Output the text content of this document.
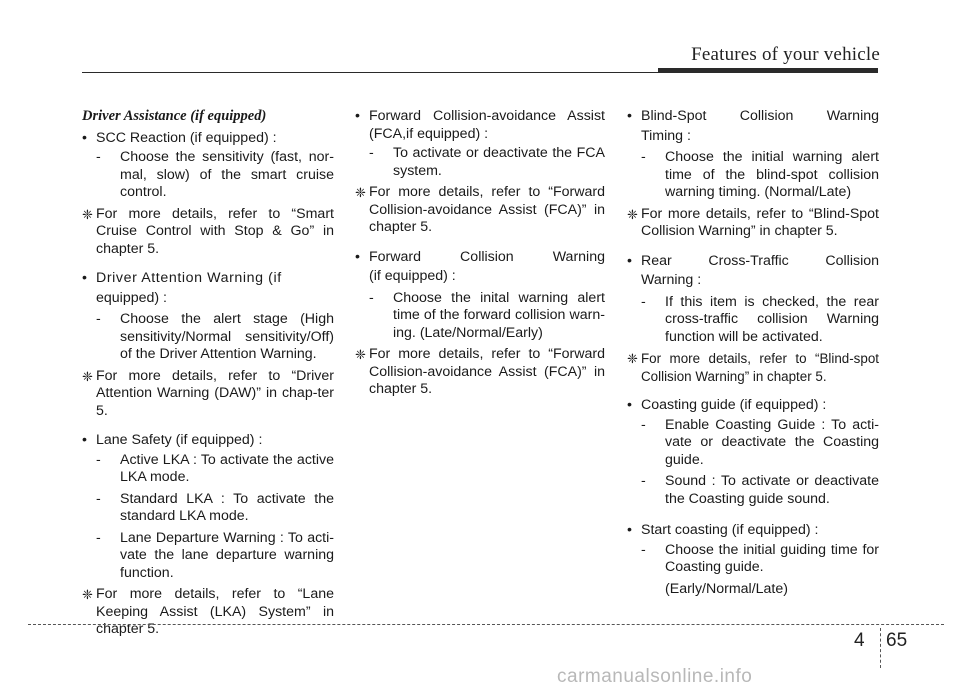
Features of your vehicle
Driver Assistance (if equipped)
• SCC Reaction (if equipped) :
- Choose the sensitivity (fast, nor-mal, slow) of the smart cruise control.
❈ For more details, refer to “Smart Cruise Control with Stop & Go” in chapter 5.
• Driver Attention Warning (if
equipped) :
- Choose the alert stage (High sensitivity/Normal sensitivity/Off) of the Driver Attention Warning.
❈ For more details, refer to “Driver Attention Warning (DAW)” in chap-ter 5.
• Lane Safety (if equipped) :
- Active LKA : To activate the active LKA mode.
- Standard LKA : To activate the standard LKA mode.
- Lane Departure Warning : To acti-vate the lane departure warning function.
❈ For more details, refer to “Lane Keeping Assist (LKA) System” in chapter 5.
• Forward Collision-avoidance Assist (FCA,if equipped) :
- To activate or deactivate the FCA system.
❈ For more details, refer to “Forward Collision-avoidance Assist (FCA)” in chapter 5.
• Forward Collision Warning
(if equipped) :
- Choose the inital warning alert time of the forward collision warn-ing. (Late/Normal/Early)
❈ For more details, refer to “Forward Collision-avoidance Assist (FCA)” in chapter 5.
• Blind-Spot Collision Warning
Timing :
- Choose the initial warning alert time of the blind-spot collision warning timing. (Normal/Late)
❈ For more details, refer to “Blind-Spot Collision Warning” in chapter 5.
• Rear Cross-Traffic Collision
Warning :
- If this item is checked, the rear cross-traffic collision Warning function will be activated.
❈ For more details, refer to “Blind-spot Collision Warning” in chapter 5.
• Coasting guide (if equipped) :
- Enable Coasting Guide : To acti-vate or deactivate the Coasting guide.
- Sound : To activate or deactivate the Coasting guide sound.
• Start coasting (if equipped) :
- Choose the initial guiding time for Coasting guide.
(Early/Normal/Late)
4 65
carmanualsonline.info
